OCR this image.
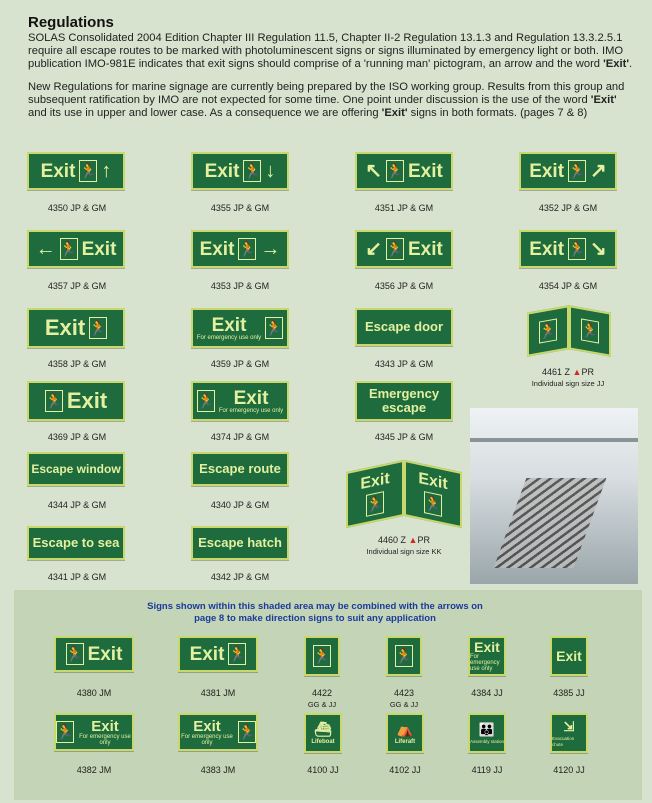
Regulations

SOLAS Consolidated 2004 Edition Chapter III Regulation 11.5, Chapter II-2 Regulation 13.1.3 and Regulation 13.3.2.5.1 require all escape routes to be marked with photoluminescent signs or signs illuminated by emergency light or both. IMO publication IMO-981E indicates that exit signs should comprise of a 'running man' pictogram, an arrow and the word 'Exit'.

New Regulations for marine signage are currently being prepared by the ISO working group. Results from this group and subsequent ratification by IMO are not expected for some time. One point under discussion is the use of the word 'Exit' and its use in upper and lower case. As a consequence we are offering 'Exit' signs in both formats. (pages 7 & 8)

Exit 🏃 ↑
4350 JP & GM
Exit 🏃 ↓
4355 JP & GM
↖ 🏃 Exit
4351 JP & GM
Exit 🏃 ↗
4352 JP & GM
← 🏃 Exit
4357 JP & GM
Exit 🏃 →
4353 JP & GM
↙ 🏃 Exit
4356 JP & GM
Exit 🏃 ↘
4354 JP & GM
Exit 🏃
4358 JP & GM
Exit
For emergency use only
🏃
4359 JP & GM
Escape door
4343 JP & GM
🏃	🏃
4461 Z ▲PR
Individual sign size JJ
🏃 Exit
4369 JP & GM
🏃 Exit
For emergency use only
4374 JP & GM
Emergency escape
4345 JP & GM
Escape window
4344 JP & GM
Escape route
4340 JP & GM
Exit
🏃
Exit
🏃
4460 Z ▲PR
Individual sign size KK
Escape to sea
4341 JP & GM
Escape hatch
4342 JP & GM
Signs shown within this shaded area may be combined with the arrows on page 8 to make direction signs to suit any application
🏃 Exit
4380 JM
Exit 🏃
4381 JM
🏃
4422
GG & JJ
🏃
4423
GG & JJ
Exit
For emergency use only
4384 JJ
Exit
4385 JJ
🏃	Exit
For emergency use only
4382 JM
Exit
For emergency use only
🏃
4383 JM
⛴
Lifeboat
4100 JJ
⛺
Liferaft
4102 JJ
👪
Assembly station
4119 JJ
⇲
Evacuation chute
4120 JJ
